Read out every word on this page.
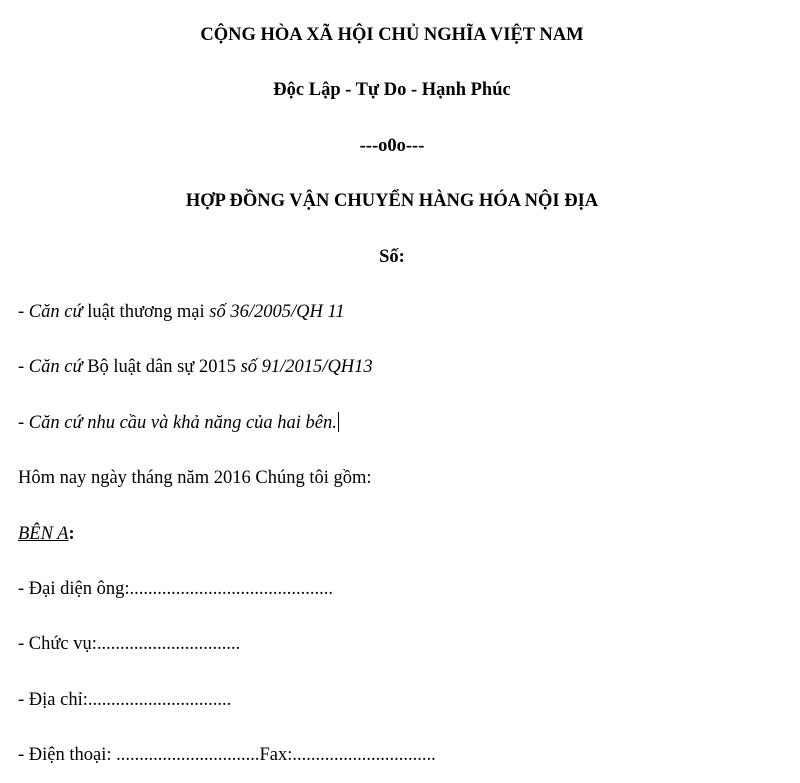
CỘNG HÒA XÃ HỘI CHỦ NGHĨA VIỆT NAM
Độc Lập - Tự Do - Hạnh Phúc
---o0o---
HỢP ĐỒNG VẬN CHUYỂN HÀNG HÓA NỘI ĐỊA
Số:
- Căn cứ luật thương mại số 36/2005/QH 11
- Căn cứ Bộ luật dân sự 2015 số 91/2015/QH13
- Căn cứ nhu cầu và khả năng của hai bên.
Hôm nay ngày tháng năm 2016 Chúng tôi gồm:
BÊN A:
- Đại diện ông:............................................
- Chức vụ:...............................
- Địa chỉ:...............................
- Điện thoại: ...............................Fax:...............................
